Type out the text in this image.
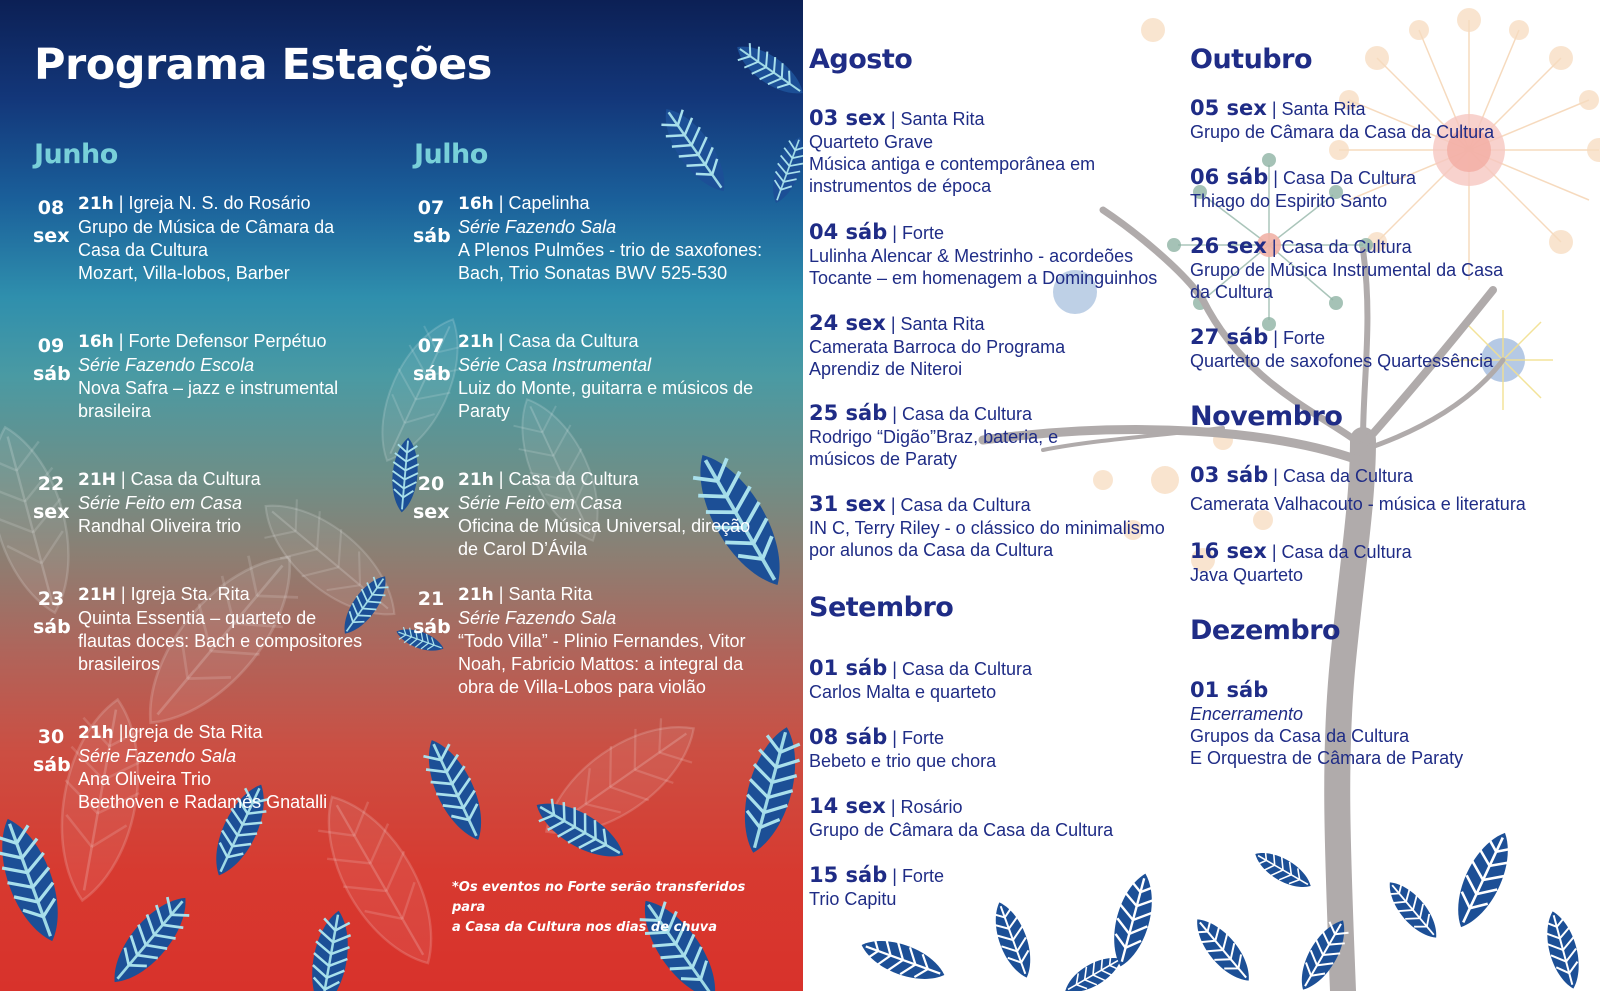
Programa Estações
Junho
08
sex
21h | Igreja N. S. do Rosário
Grupo de Música de Câmara da
Casa da Cultura
Mozart, Villa-lobos, Barber
09
sáb
16h | Forte Defensor Perpétuo
Série Fazendo Escola
Nova Safra – jazz e instrumental
brasileira
22
sex
21H | Casa da Cultura
Série Feito em Casa
Randhal Oliveira trio
23
sáb
21H | Igreja Sta. Rita
Quinta Essentia – quarteto de
flautas doces: Bach e compositores
brasileiros
30
sáb
21h |Igreja de Sta Rita
Série Fazendo Sala
Ana Oliveira Trio
Beethoven e Radamés Gnatalli
Julho
07
sáb
16h | Capelinha
Série Fazendo Sala
A Plenos Pulmões - trio de saxofones:
Bach, Trio Sonatas BWV 525-530
07
sáb
21h | Casa da Cultura
Série Casa Instrumental
Luiz do Monte, guitarra e músicos de
Paraty
20
sex
21h | Casa da Cultura
Série Feito em Casa
Oficina de Música Universal, direção
de Carol D’Ávila
21
sáb
21h | Santa Rita
Série Fazendo Sala
“Todo Villa” - Plinio Fernandes, Vitor
Noah, Fabricio Mattos: a integral da
obra de Villa-Lobos para violão
*Os eventos no Forte serão transferidos para
a Casa da Cultura nos dias de chuva
Agosto
03 sex | Santa Rita
Quarteto Grave
Música antiga e contemporânea em
instrumentos de época
04 sáb | Forte
Lulinha Alencar & Mestrinho - acordeões
Tocante – em homenagem a Dominguinhos
24 sex | Santa Rita
Camerata Barroca do Programa
Aprendiz de Niteroi
25 sáb | Casa da Cultura
Rodrigo “Digão”Braz, bateria, e
músicos de Paraty
31 sex | Casa da Cultura
IN C, Terry Riley - o clássico do minimalismo
por alunos da Casa da Cultura
Setembro
01 sáb | Casa da Cultura
Carlos Malta e quarteto
08 sáb | Forte
Bebeto e trio que chora
14 sex | Rosário
Grupo de Câmara da Casa da Cultura
15 sáb | Forte
Trio Capitu
Outubro
05 sex | Santa Rita
Grupo de Câmara da Casa da Cultura
06 sáb | Casa Da Cultura
Thiago do Espirito Santo
26 sex | Casa da Cultura
Grupo de Música Instrumental da Casa
da Cultura
27 sáb | Forte
Quarteto de saxofones Quartessência
Novembro
03 sáb | Casa da Cultura
Camerata Valhacouto - música e literatura
16 sex | Casa da Cultura
Java Quarteto
Dezembro
01 sáb
Encerramento
Grupos da Casa da Cultura
E Orquestra de Câmara de Paraty
